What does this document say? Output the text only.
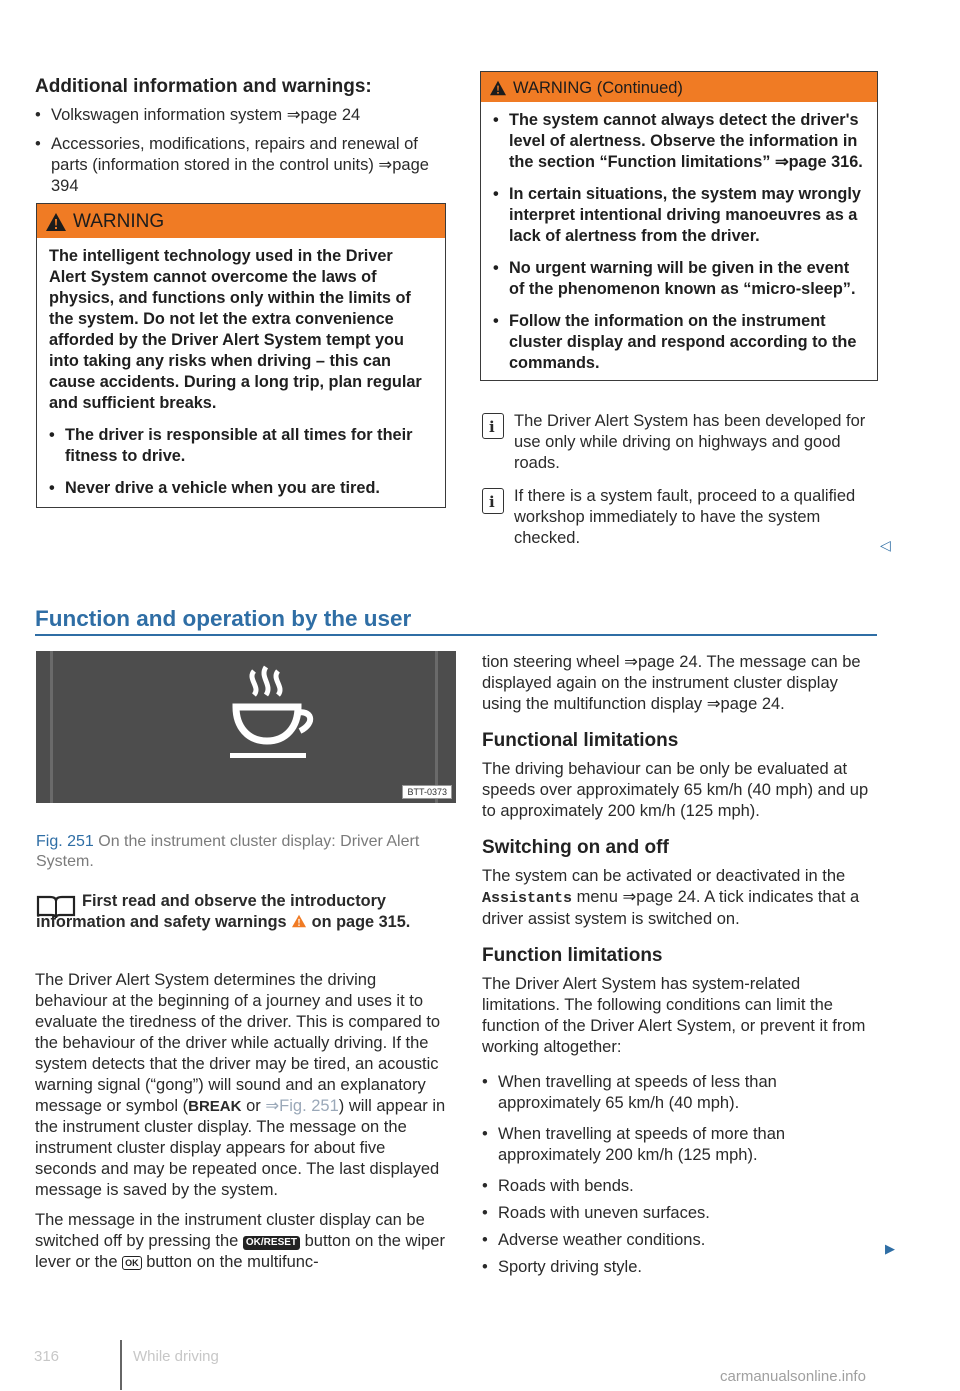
Additional information and warnings:

• Volkswagen information system ⇒page 24

• Accessories, modifications, repairs and renewal of parts (information stored in the control units) ⇒page 394

WARNING

The intelligent technology used in the Driver Alert System cannot overcome the laws of physics, and functions only within the limits of the system. Do not let the extra convenience afforded by the Driver Alert System tempt you into taking any risks when driving – this can cause accidents. During a long trip, plan regular and sufficient breaks.

• The driver is responsible at all times for their fitness to drive.

• Never drive a vehicle when you are tired.

WARNING (Continued)

• The system cannot always detect the driver's level of alertness. Observe the information in the section “Function limitations” ⇒page 316.

• In certain situations, the system may wrongly interpret intentional driving manoeuvres as a lack of alertness from the driver.

• No urgent warning will be given in the event of the phenomenon known as “micro-sleep”.

• Follow the information on the instrument cluster display and respond according to the commands.

i

The Driver Alert System has been developed for use only while driving on highways and good roads.

i

If there is a system fault, proceed to a qualified workshop immediately to have the system checked.	◁
Function and operation by the user
BTT-0373
Fig. 251 On the instrument cluster display: Driver Alert System.

First read and observe the introductory information and safety warnings on page 315.

The Driver Alert System determines the driving behaviour at the beginning of a journey and uses it to evaluate the tiredness of the driver. This is compared to the behaviour of the driver while actually driving. If the system detects that the driver may be tired, an acoustic warning signal (“gong”) will sound and an explanatory message or symbol (BREAK or ⇒Fig. 251) will appear in the instrument cluster display. The message on the instrument cluster display appears for about five seconds and may be repeated once. The last displayed message is saved by the system.

The message in the instrument cluster display can be switched off by pressing the OK/RESET button on the wiper lever or the OK button on the multifunc-

tion steering wheel ⇒page 24. The message can be displayed again on the instrument cluster display using the multifunction display ⇒page 24.

Functional limitations

The driving behaviour can be only be evaluated at speeds over approximately 65 km/h (40 mph) and up to approximately 200 km/h (125 mph).

Switching on and off

The system can be activated or deactivated in the Assistants menu ⇒page 24. A tick indicates that a driver assist system is switched on.

Function limitations

The Driver Alert System has system-related limitations. The following conditions can limit the function of the Driver Alert System, or prevent it from working altogether:

• When travelling at speeds of less than approximately 65 km/h (40 mph).

• When travelling at speeds of more than approximately 200 km/h (125 mph).

• Roads with bends.

• Roads with uneven surfaces.

• Adverse weather conditions.

• Sporty driving style.

▶
316	While driving
carmanualsonline.info
